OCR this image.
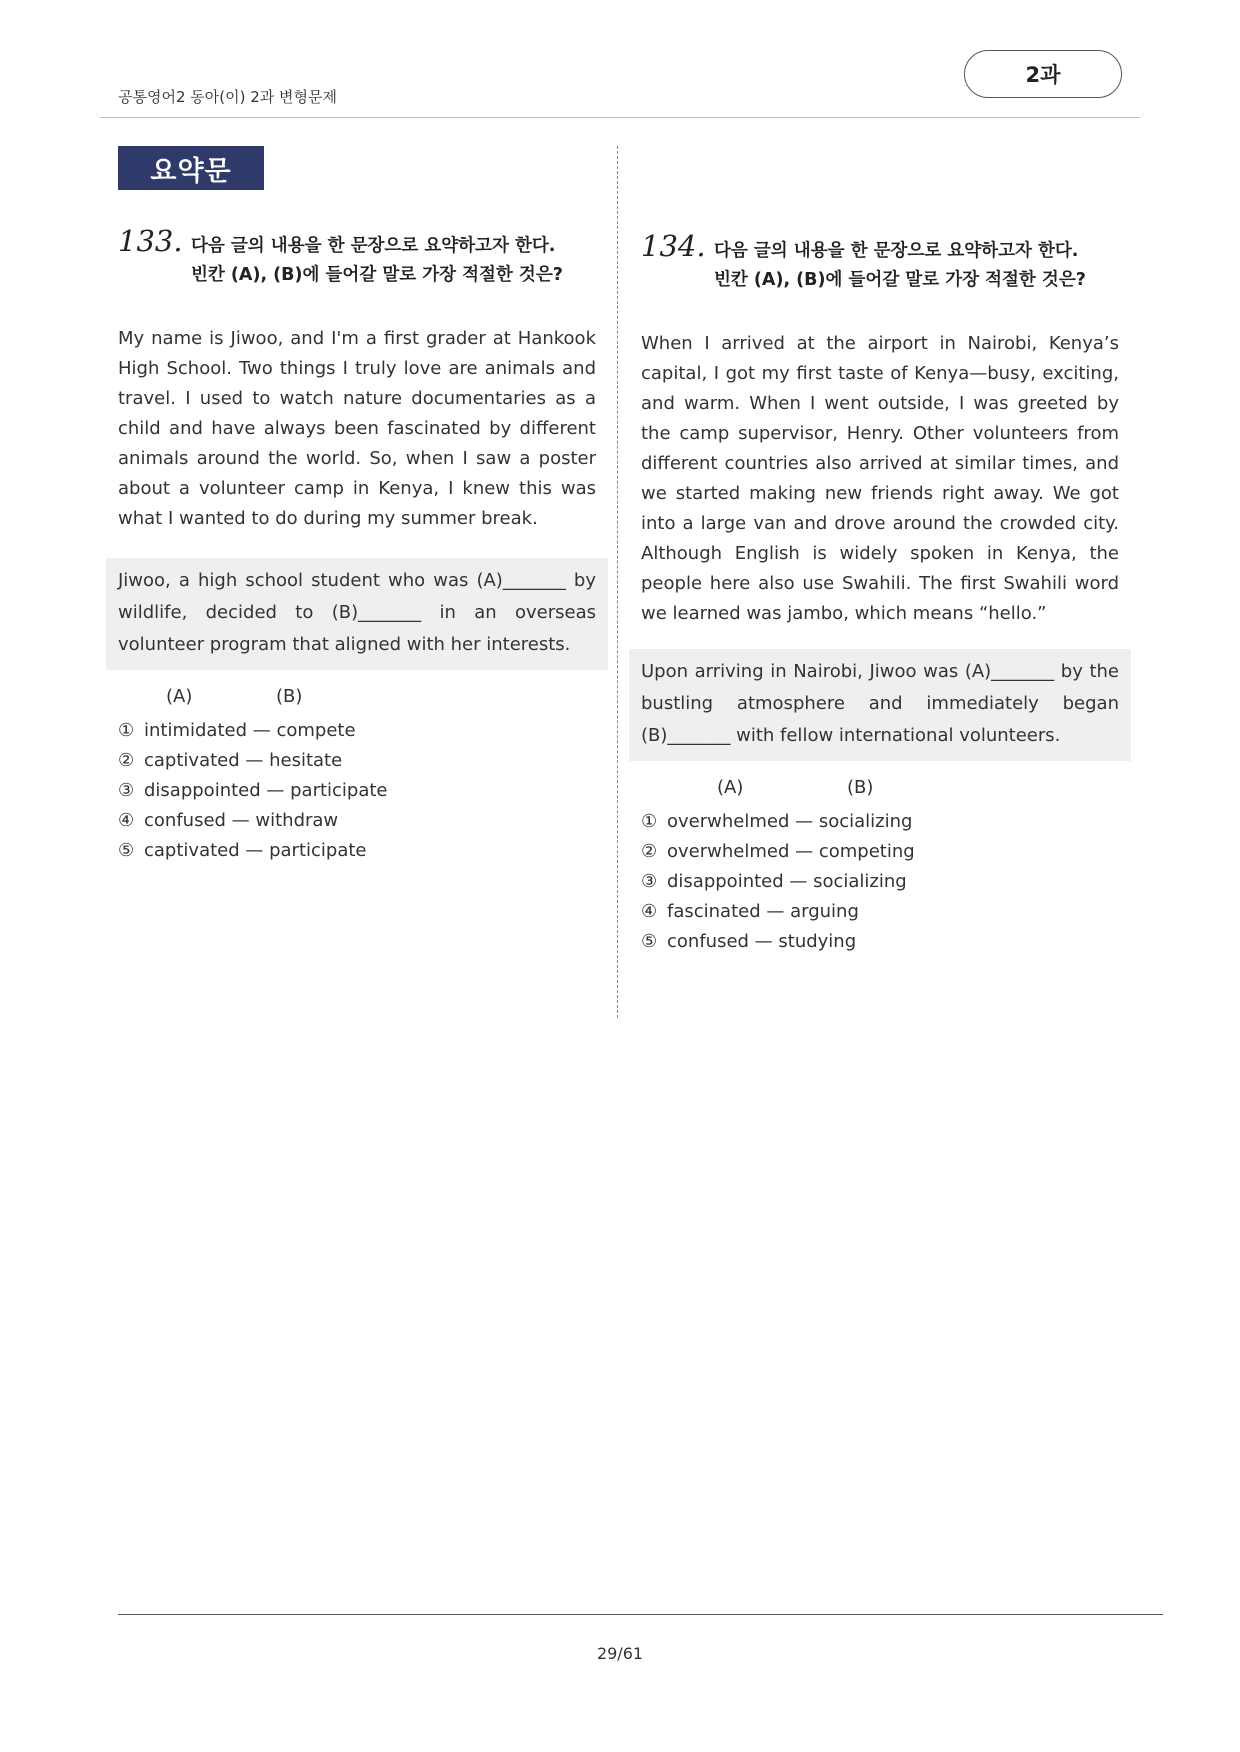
공통영어2 동아(이) 2과 변형문제
2과
요약문
133. 다음 글의 내용을 한 문장으로 요약하고자 한다.
빈칸 (A), (B)에 들어갈 말로 가장 적절한 것은?
My name is Jiwoo, and I'm a first grader at Hankook High School. Two things I truly love are animals and travel. I used to watch nature documentaries as a child and have always been fascinated by different animals around the world. So, when I saw a poster about a volunteer camp in Kenya, I knew this was what I wanted to do during my summer break.
Jiwoo, a high school student who was (A)_______ by wildlife, decided to (B)_______ in an overseas volunteer program that aligned with her interests.
(A)	(B)
① intimidated — compete
② captivated — hesitate
③ disappointed — participate
④ confused — withdraw
⑤ captivated — participate
134. 다음 글의 내용을 한 문장으로 요약하고자 한다.
빈칸 (A), (B)에 들어갈 말로 가장 적절한 것은?
When I arrived at the airport in Nairobi, Kenya’s capital, I got my first taste of Kenya—busy, exciting, and warm. When I went outside, I was greeted by the camp supervisor, Henry. Other volunteers from different countries also arrived at similar times, and we started making new friends right away. We got into a large van and drove around the crowded city. Although English is widely spoken in Kenya, the people here also use Swahili. The first Swahili word we learned was jambo, which means “hello.”
Upon arriving in Nairobi, Jiwoo was (A)_______ by the bustling atmosphere and immediately began (B)_______ with fellow international volunteers.
(A)	(B)
① overwhelmed — socializing
② overwhelmed — competing
③ disappointed — socializing
④ fascinated — arguing
⑤ confused — studying
29/61
